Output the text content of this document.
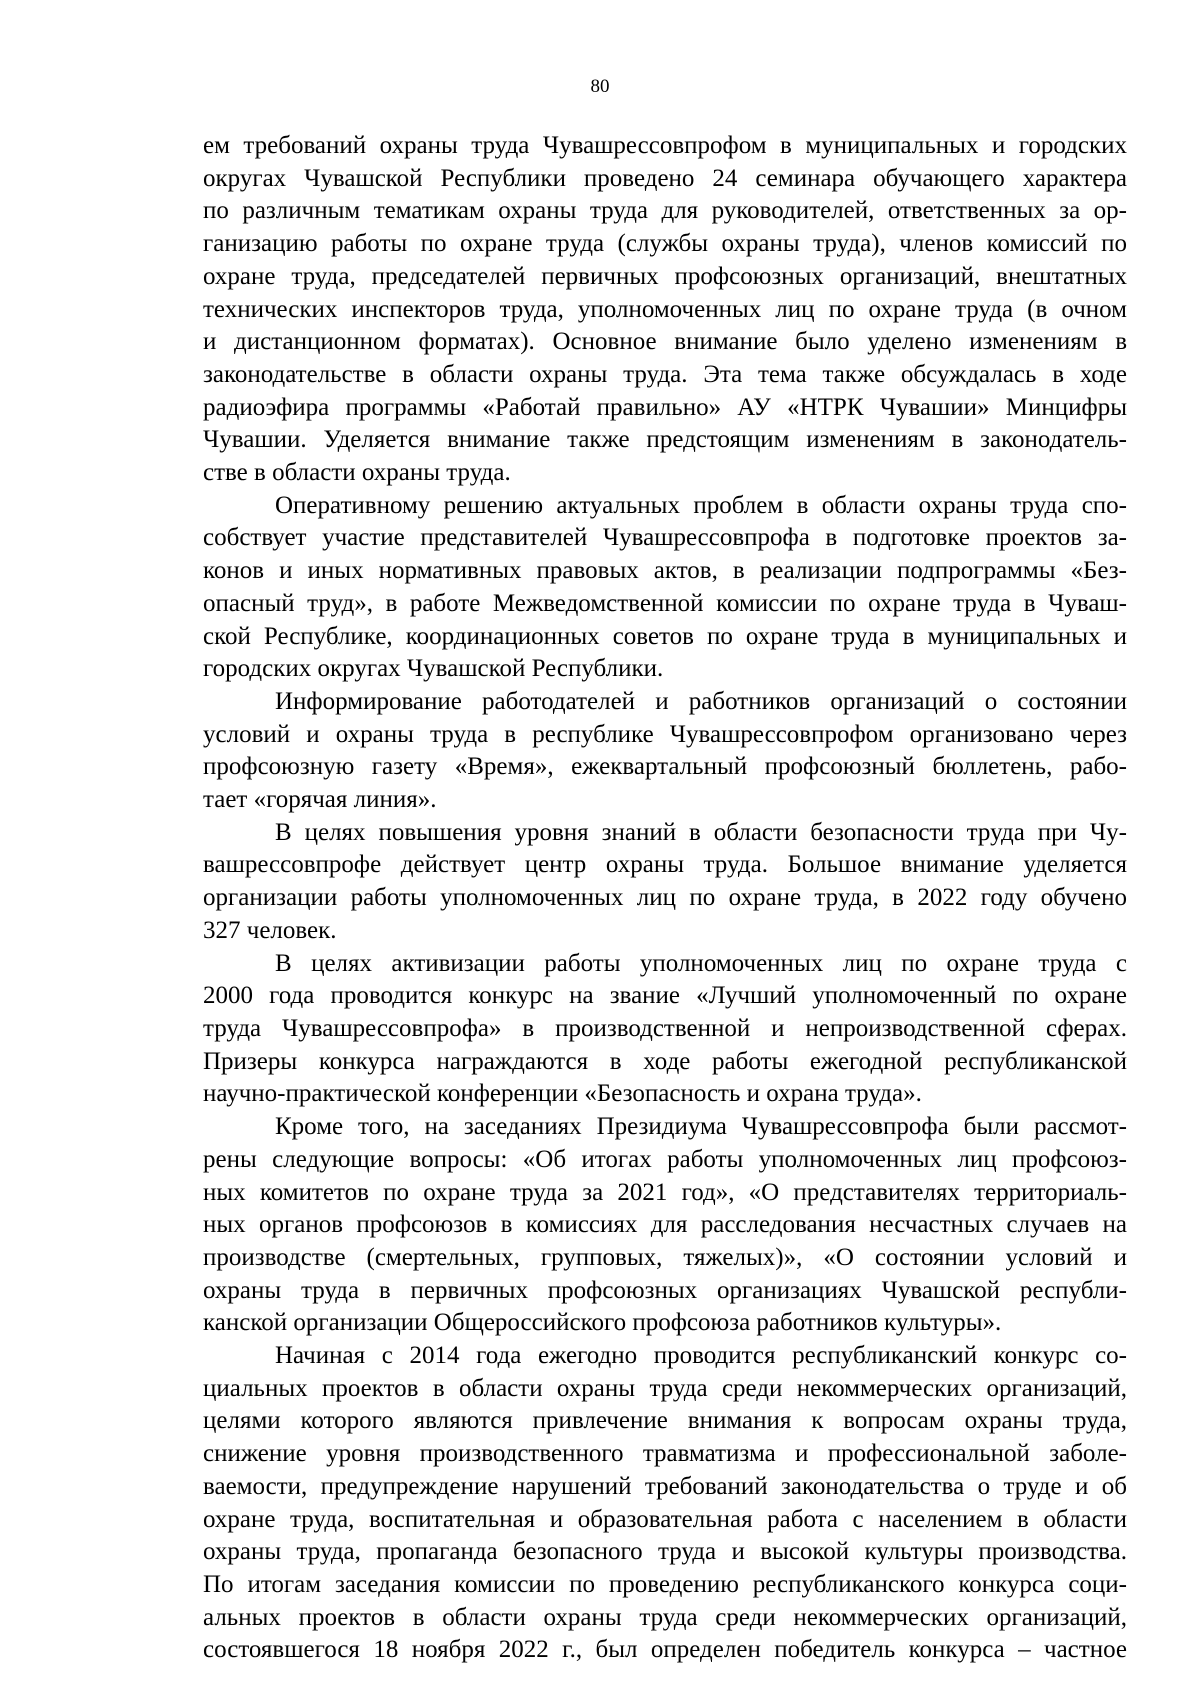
80

ем требований охраны труда Чувашрессовпрофом в муниципальных и городских
округах Чувашской Республики проведено 24 семинара обучающего характера
по различным тематикам охраны труда для руководителей, ответственных за ор-
ганизацию работы по охране труда (службы охраны труда), членов комиссий по
охране труда, председателей первичных профсоюзных организаций, внештатных
технических инспекторов труда, уполномоченных лиц по охране труда (в очном
и дистанционном форматах). Основное внимание было уделено изменениям в
законодательстве в области охраны труда. Эта тема также обсуждалась в ходе
радиоэфира программы «Работай правильно» АУ «НТРК Чувашии» Минцифры
Чувашии. Уделяется внимание также предстоящим изменениям в законодатель-
стве в области охраны труда.

Оперативному решению актуальных проблем в области охраны труда спо-
собствует участие представителей Чувашрессовпрофа в подготовке проектов за-
конов и иных нормативных правовых актов, в реализации подпрограммы «Без-
опасный труд», в работе Межведомственной комиссии по охране труда в Чуваш-
ской Республике, координационных советов по охране труда в муниципальных и
городских округах Чувашской Республики.

Информирование работодателей и работников организаций о состоянии
условий и охраны труда в республике Чувашрессовпрофом организовано через
профсоюзную газету «Время», ежеквартальный профсоюзный бюллетень, рабо-
тает «горячая линия».

В целях повышения уровня знаний в области безопасности труда при Чу-
вашрессовпрофе действует центр охраны труда. Большое внимание уделяется
организации работы уполномоченных лиц по охране труда, в 2022 году обучено
327 человек.

В целях активизации работы уполномоченных лиц по охране труда с
2000 года проводится конкурс на звание «Лучший уполномоченный по охране
труда Чувашрессовпрофа» в производственной и непроизводственной сферах.
Призеры конкурса награждаются в ходе работы ежегодной республиканской
научно-практической конференции «Безопасность и охрана труда».

Кроме того, на заседаниях Президиума Чувашрессовпрофа были рассмот-
рены следующие вопросы: «Об итогах работы уполномоченных лиц профсоюз-
ных комитетов по охране труда за 2021 год», «О представителях территориаль-
ных органов профсоюзов в комиссиях для расследования несчастных случаев на
производстве (смертельных, групповых, тяжелых)», «О состоянии условий и
охраны труда в первичных профсоюзных организациях Чувашской республи-
канской организации Общероссийского профсоюза работников культуры».

Начиная с 2014 года ежегодно проводится республиканский конкурс со-
циальных проектов в области охраны труда среди некоммерческих организаций,
целями которого являются привлечение внимания к вопросам охраны труда,
снижение уровня производственного травматизма и профессиональной заболе-
ваемости, предупреждение нарушений требований законодательства о труде и об
охране труда, воспитательная и образовательная работа с населением в области
охраны труда, пропаганда безопасного труда и высокой культуры производства.
По итогам заседания комиссии по проведению республиканского конкурса соци-
альных проектов в области охраны труда среди некоммерческих организаций,
состоявшегося 18 ноября 2022 г., был определен победитель конкурса – частное
